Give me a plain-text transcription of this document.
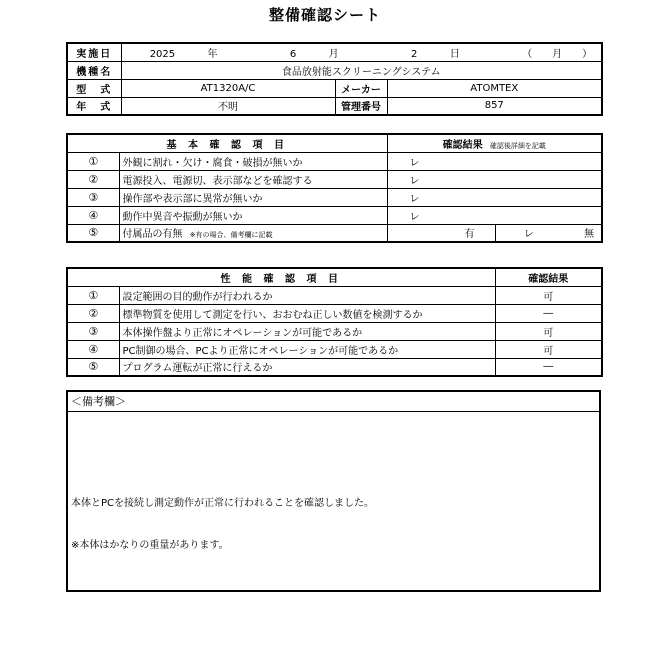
整備確認シート
実施日	2025 年 6 月 2 日 （　　月　　）		
機種名	食品放射能スクリーニングシステム		
型　式	AT1320A/C	メーカー	ATOMTEX
年　式	不明	管理番号	857
基 本 確 認 項 目		確認結果 確認後詳細を記載	
①	外観に割れ・欠け・腐食・破損が無いか	レ	
②	電源投入、電源切、表示部などを確認する	レ	
③	操作部や表示部に異常が無いか	レ	
④	動作中異音や振動が無いか	レ	
⑤	付属品の有無 ※有の場合、備考欄に記載	有	レ 無
性 能 確 認 項 目		確認結果
①	設定範囲の目的動作が行われるか	可
②	標準物質を使用して測定を行い、おおむね正しい数値を検測するか	―
③	本体操作盤より正常にオペレーションが可能であるか	可
④	PC制御の場合、PCより正常にオペレーションが可能であるか	可
⑤	プログラム運転が正常に行えるか	―
＜備考欄＞
本体とPCを接続し測定動作が正常に行われることを確認しました。
※本体はかなりの重量があります。
